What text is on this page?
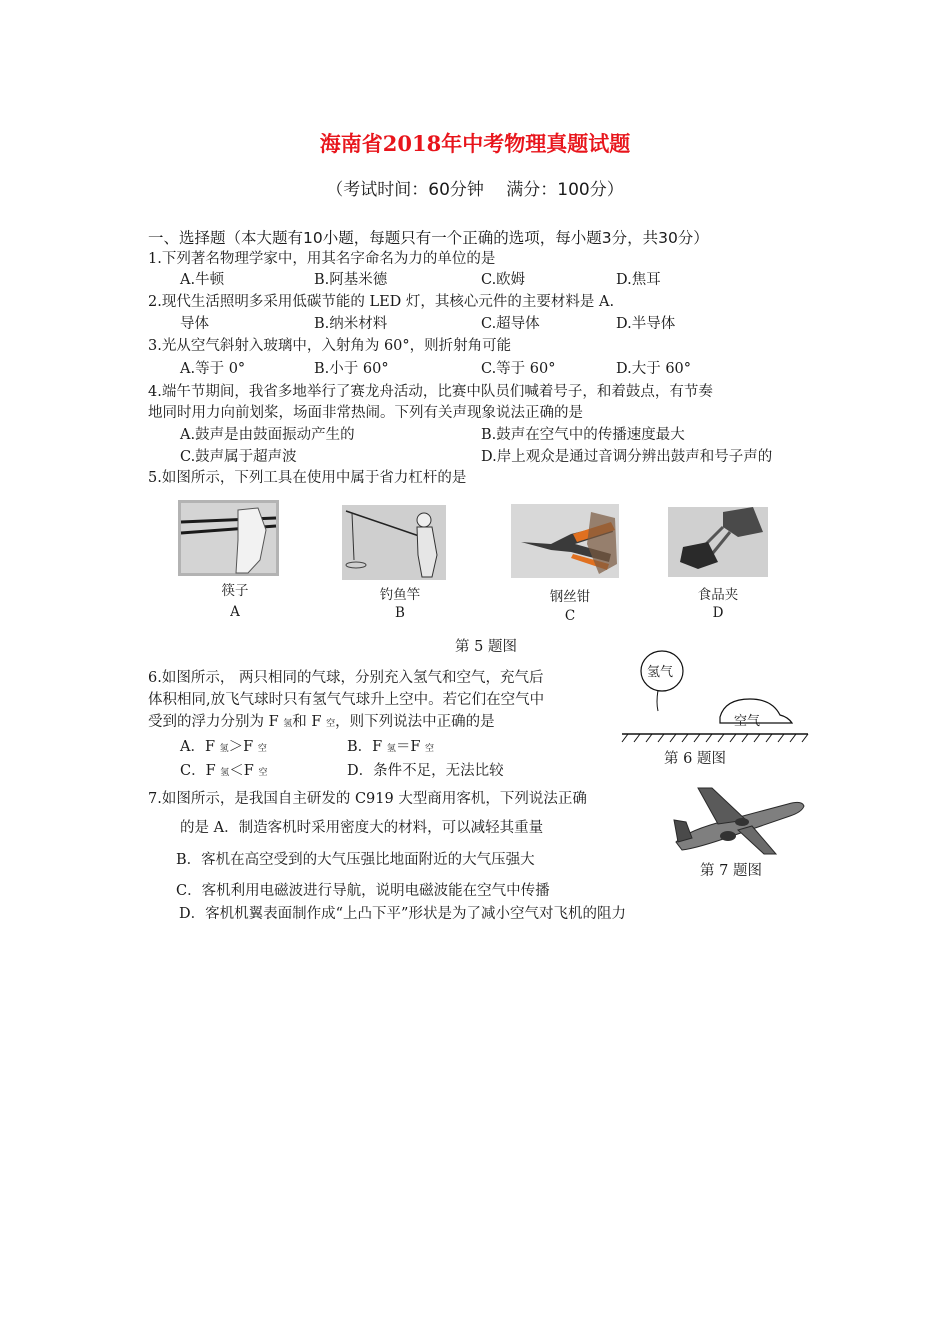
海南省2018年中考物理真题试题
（考试时间：60分钟　 满分：100分）
一、选择题（本大题有10小题，每题只有一个正确的选项，每小题3分，共30分）
1.下列著名物理学家中，用其名字命名为力的单位的是
A.牛顿	B.阿基米德	C.欧姆	D.焦耳
2.现代生活照明多采用低碳节能的 LED 灯，其核心元件的主要材料是 A.
导体	B.纳米材料	C.超导体	D.半导体
3.光从空气斜射入玻璃中，入射角为 60°，则折射角可能
A.等于 0°	B.小于 60°	C.等于 60°	D.大于 60°
4.端午节期间，我省多地举行了赛龙舟活动，比赛中队员们喊着号子，和着鼓点，有节奏
地同时用力向前划桨，场面非常热闹。下列有关声现象说法正确的是
A.鼓声是由鼓面振动产生的	B.鼓声在空气中的传播速度最大
C.鼓声属于超声波	D.岸上观众是通过音调分辨出鼓声和号子声的
5.如图所示，下列工具在使用中属于省力杠杆的是
筷子
A
钓鱼竿
B
钢丝钳
C
食品夹
D
第 5 题图
6.如图所示， 两只相同的气球，分别充入氢气和空气，充气后
体积相同,放飞气球时只有氢气气球升上空中。若它们在空气中
受到的浮力分别为 F 氢和 F 空，则下列说法中正确的是
A．F 氢＞F 空	B．F 氢＝F 空
C．F 氢＜F 空	D．条件不足，无法比较
氢气
空气
第 6 题图
7.如图所示，是我国自主研发的 C919 大型商用客机，下列说法正确
的是 A．制造客机时采用密度大的材料，可以减轻其重量
B．客机在高空受到的大气压强比地面附近的大气压强大
C．客机利用电磁波进行导航，说明电磁波能在空气中传播
D．客机机翼表面制作成“上凸下平”形状是为了减小空气对飞机的阻力
第 7 题图
